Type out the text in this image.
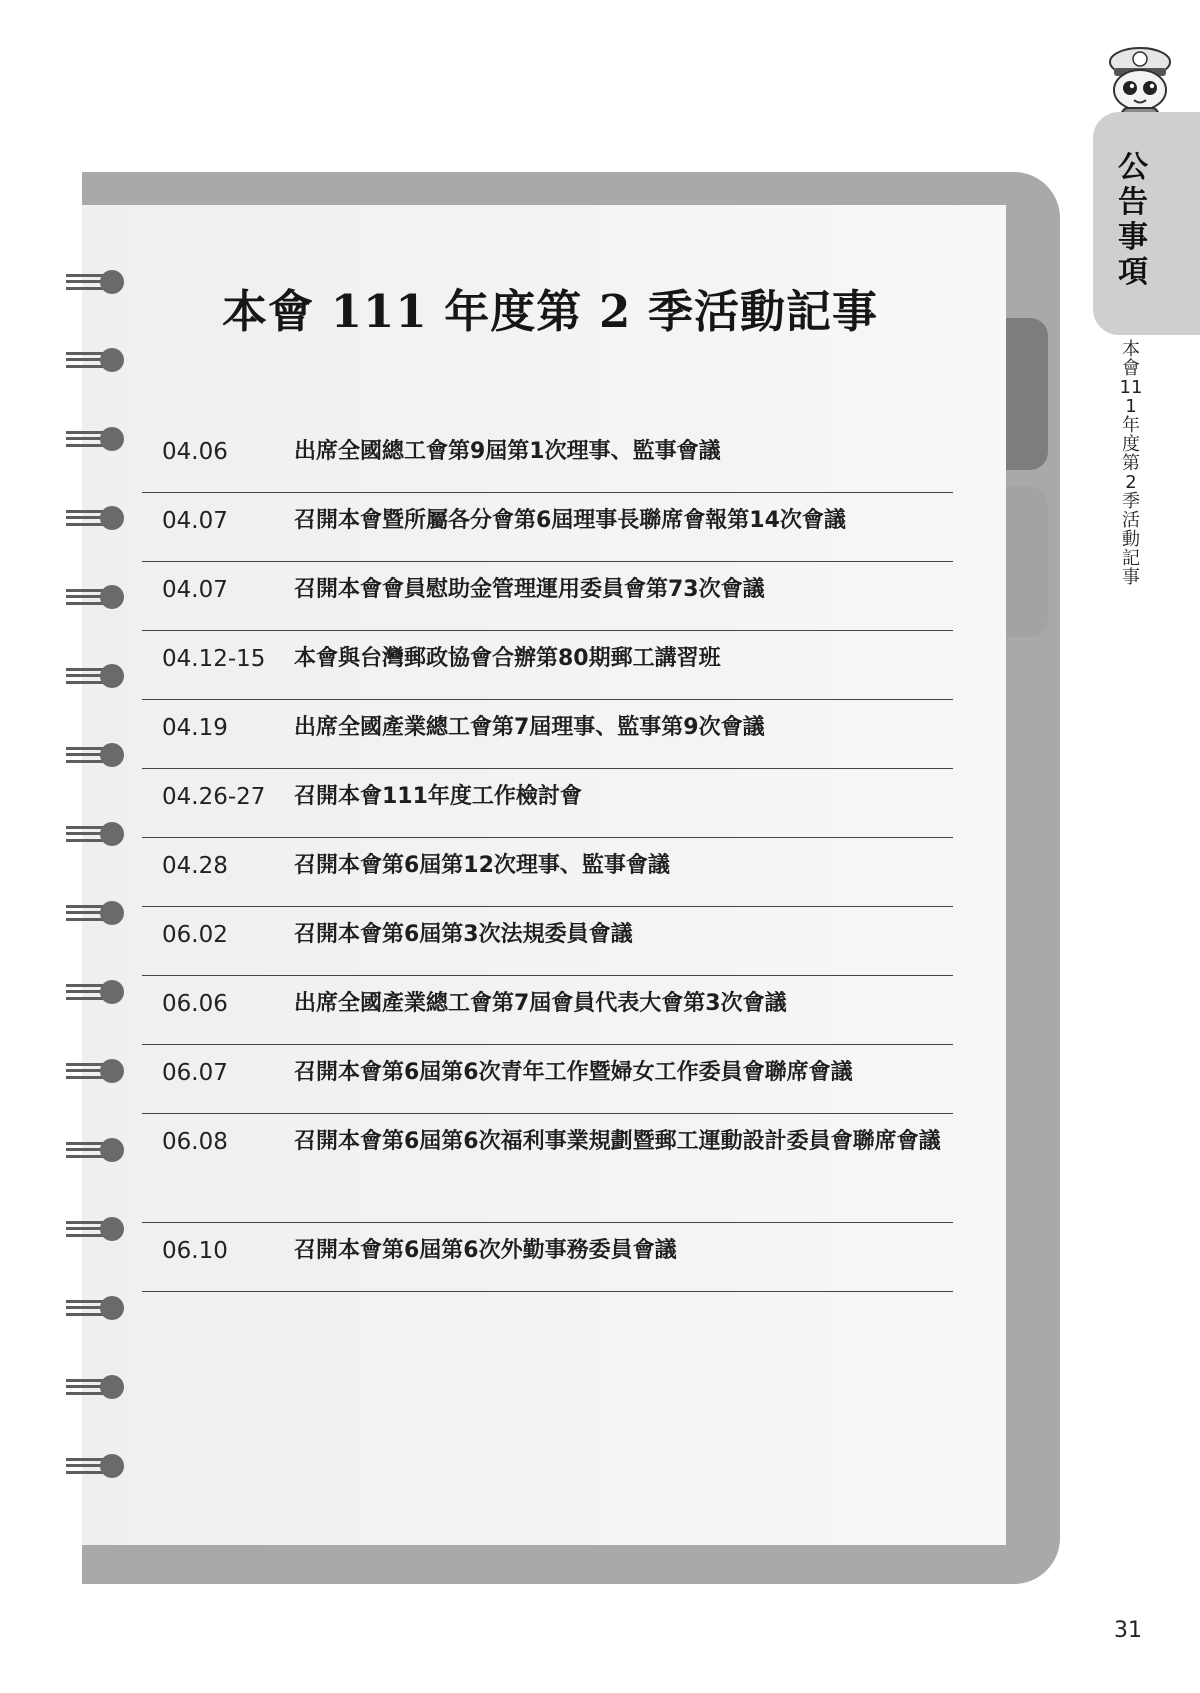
本會 111 年度第 2 季活動記事
04.06	出席全國總工會第9屆第1次理事、監事會議
04.07	召開本會暨所屬各分會第6屆理事長聯席會報第14次會議
04.07	召開本會會員慰助金管理運用委員會第73次會議
04.12-15 本會與台灣郵政協會合辦第80期郵工講習班
04.19	出席全國產業總工會第7屆理事、監事第9次會議
04.26-27 召開本會111年度工作檢討會
04.28	召開本會第6屆第12次理事、監事會議
06.02	召開本會第6屆第3次法規委員會議
06.06	出席全國產業總工會第7屆會員代表大會第3次會議
06.07	召開本會第6屆第6次青年工作暨婦女工作委員會聯席會議
06.08	召開本會第6屆第6次福利事業規劃暨郵工運動設計委員會聯席會議
06.10	召開本會第6屆第6次外勤事務委員會議
公告事項
本會111年度第2季活動記事
31
